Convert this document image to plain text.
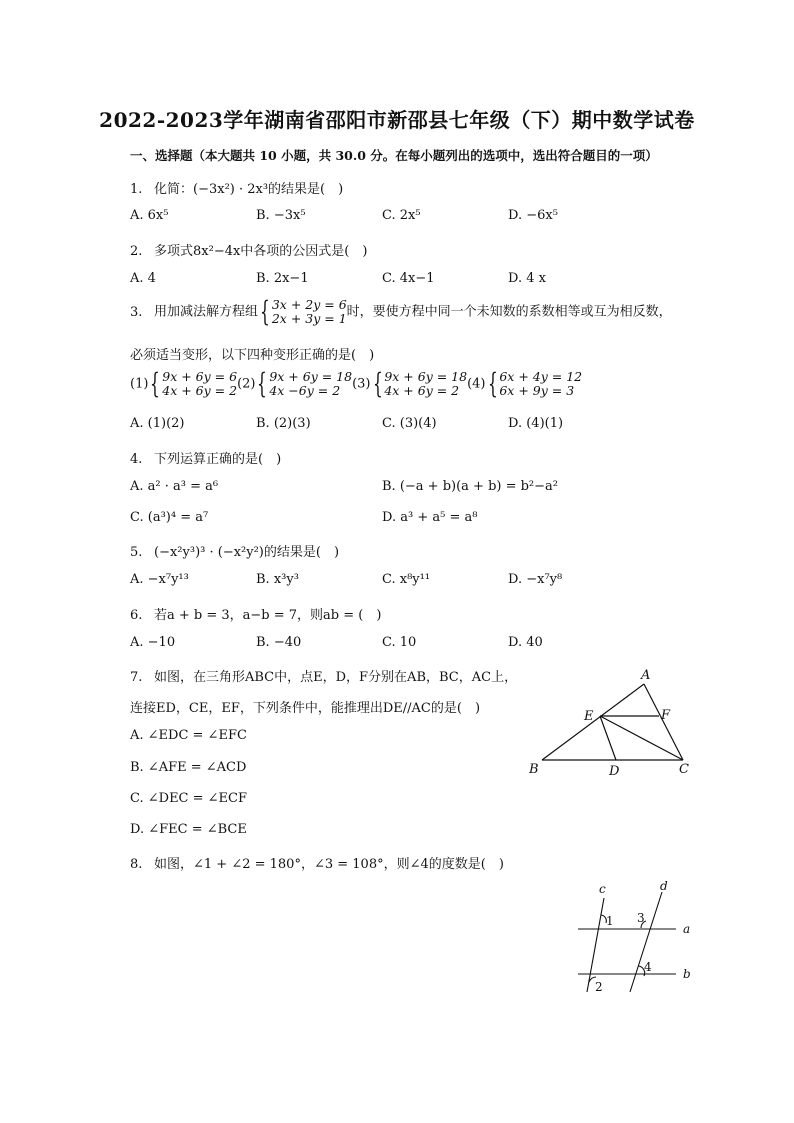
2022-2023学年湖南省邵阳市新邵县七年级（下）期中数学试卷
一、选择题（本大题共 10 小题，共 30.0 分。在每小题列出的选项中，选出符合题目的一项）
1. 化简：(−3x²) · 2x³的结果是(　)
A. 6x⁵	B. −3x⁵	C. 2x⁵	D. −6x⁵
2. 多项式8x²−4x中各项的公因式是(　)
A. 4	B. 2x−1	C. 4x−1	D. 4 x
3. 用加减法解方程组 { 3x + 2y = 6
2x + 3y = 1 时，要使方程中同一个未知数的系数相等或互为相反数，
必须适当变形，以下四种变形正确的是(　)
(1) { 9x + 6y = 6
4x + 6y = 2 (2) { 9x + 6y = 18
4x −6y = 2 (3) { 9x + 6y = 18
4x + 6y = 2 (4) { 6x + 4y = 12
6x + 9y = 3
A. (1)(2)	B. (2)(3)	C. (3)(4)	D. (4)(1)
4. 下列运算正确的是(　)
A. a² · a³ = a⁶	B. (−a + b)(a + b) = b²−a²
C. (a³)⁴ = a⁷	D. a³ + a⁵ = a⁸
5. (−x²y³)³ · (−x²y²)的结果是(　)
A. −x⁷y¹³	B. x³y³	C. x⁸y¹¹	D. −x⁷y⁸
6. 若a + b = 3，a−b = 7，则ab = (　)
A. −10	B. −40	C. 10	D. 40
7. 如图，在三角形ABC中，点E，D，F分别在AB，BC，AC上，
连接ED，CE，EF，下列条件中，能推理出DE//AC的是(　)
A. ∠EDC = ∠EFC
B. ∠AFE = ∠ACD
C. ∠DEC = ∠ECF
D. ∠FEC = ∠BCE
A
E	F
B	D	C
8. 如图，∠1 + ∠2 = 180°，∠3 = 108°，则∠4的度数是(　)
c	d
1 3
a
4	b
2
